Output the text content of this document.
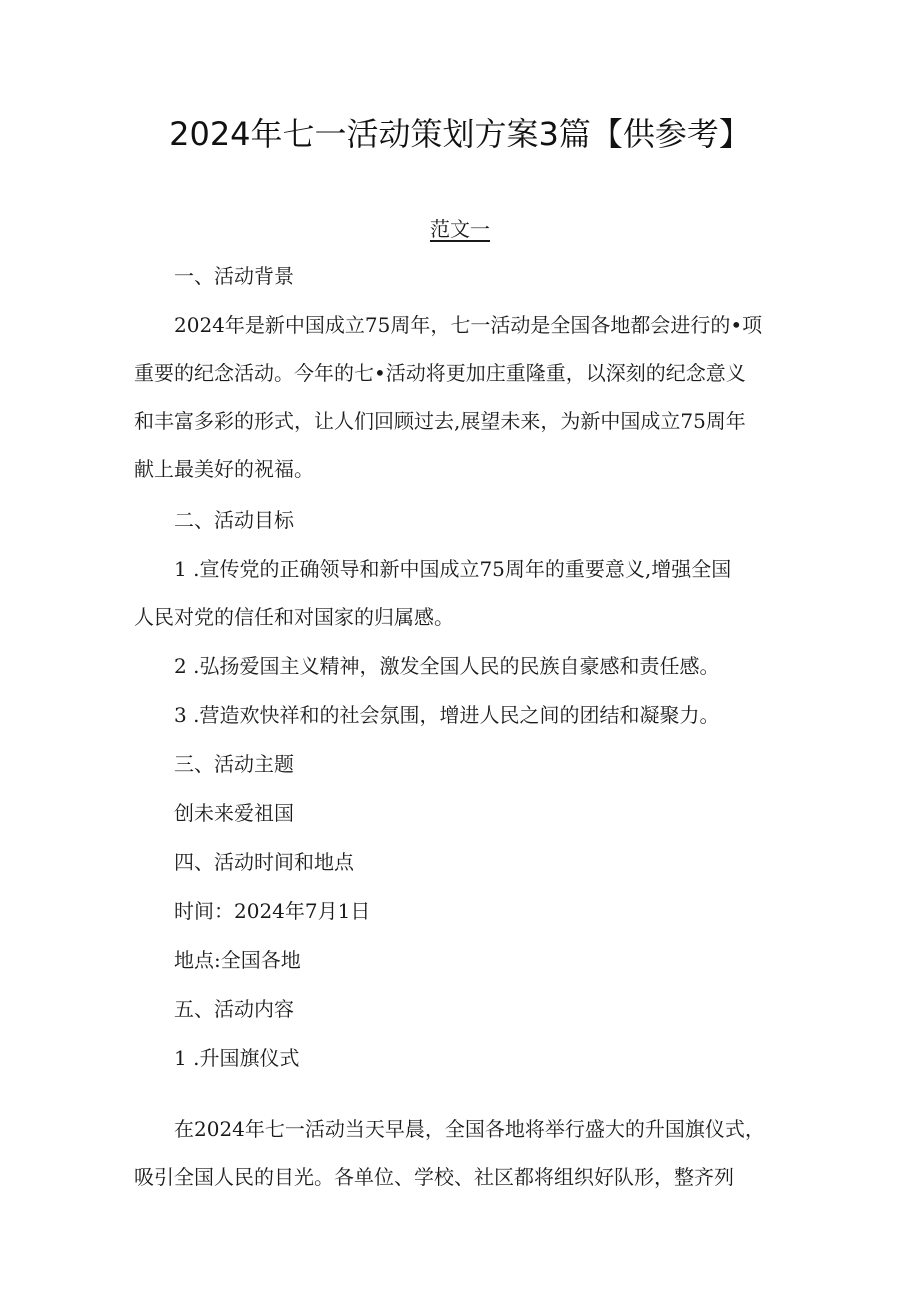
2024年七一活动策划方案3篇【供参考】
范文一
一、活动背景
2024年是新中国成立75周年，七一活动是全国各地都会进行的•项
重要的纪念活动。今年的七•活动将更加庄重隆重，以深刻的纪念意义
和丰富多彩的形式，让人们回顾过去,展望未来，为新中国成立75周年
献上最美好的祝福。
二、活动目标
1 .宣传党的正确领导和新中国成立75周年的重要意义,增强全国
人民对党的信任和对国家的归属感。
2 .弘扬爱国主义精神，激发全国人民的民族自豪感和责任感。
3 .营造欢快祥和的社会氛围，增进人民之间的团结和凝聚力。
三、活动主题
创未来爱祖国
四、活动时间和地点
时间：2024年7月1日
地点:全国各地
五、活动内容
1 .升国旗仪式
在2024年七一活动当天早晨，全国各地将举行盛大的升国旗仪式，
吸引全国人民的目光。各单位、学校、社区都将组织好队形，整齐列
